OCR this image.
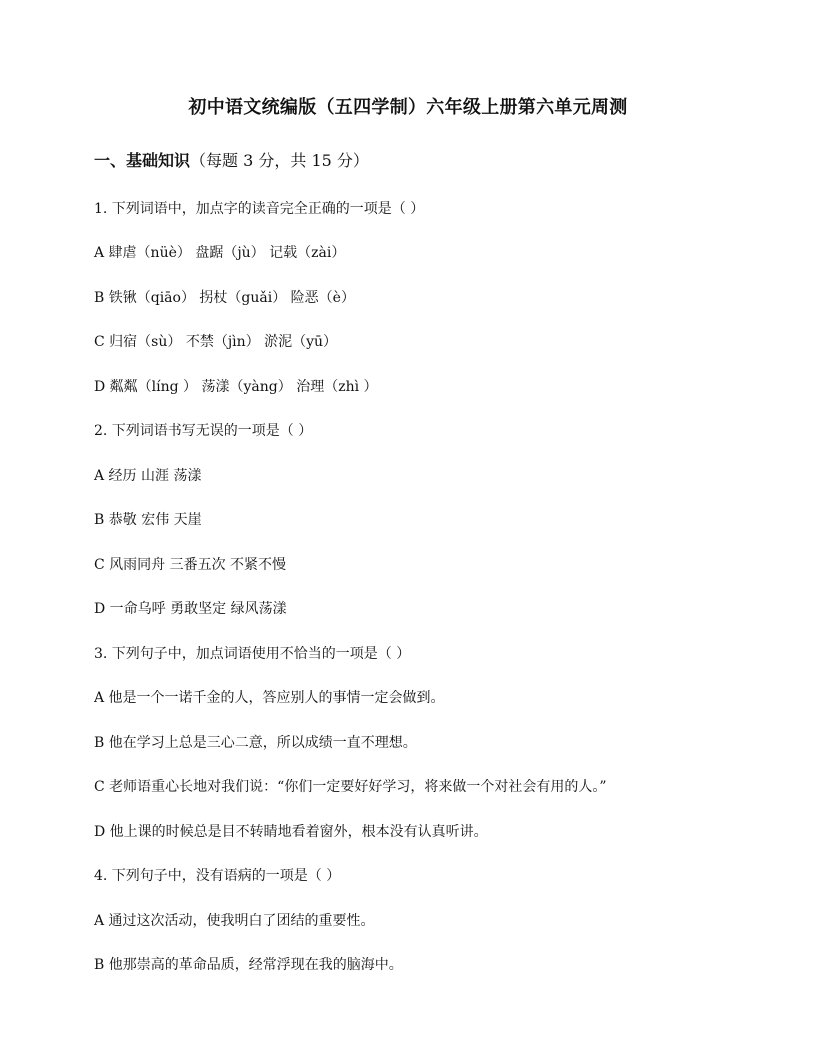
初中语文统编版（五四学制）六年级上册第六单元周测
一、基础知识（每题 3 分，共 15 分）
1. 下列词语中，加点字的读音完全正确的一项是（ ）
A 肆虐（nüè） 盘踞（jù） 记载（zài）
B 铁锹（qiāo） 拐杖（guǎi） 险恶（è）
C 归宿（sù） 不禁（jìn） 淤泥（yū）
D 粼粼（líng ） 荡漾（yàng） 治理（zhì ）
2. 下列词语书写无误的一项是（ ）
A 经历 山涯 荡漾
B 恭敬 宏伟 天崖
C 风雨同舟 三番五次 不紧不慢
D 一命乌呼 勇敢坚定 绿风荡漾
3. 下列句子中，加点词语使用不恰当的一项是（ ）
A 他是一个一诺千金的人，答应别人的事情一定会做到。
B 他在学习上总是三心二意，所以成绩一直不理想。
C 老师语重心长地对我们说：“你们一定要好好学习，将来做一个对社会有用的人。”
D 他上课的时候总是目不转睛地看着窗外，根本没有认真听讲。
4. 下列句子中，没有语病的一项是（ ）
A 通过这次活动，使我明白了团结的重要性。
B 他那崇高的革命品质，经常浮现在我的脑海中。
